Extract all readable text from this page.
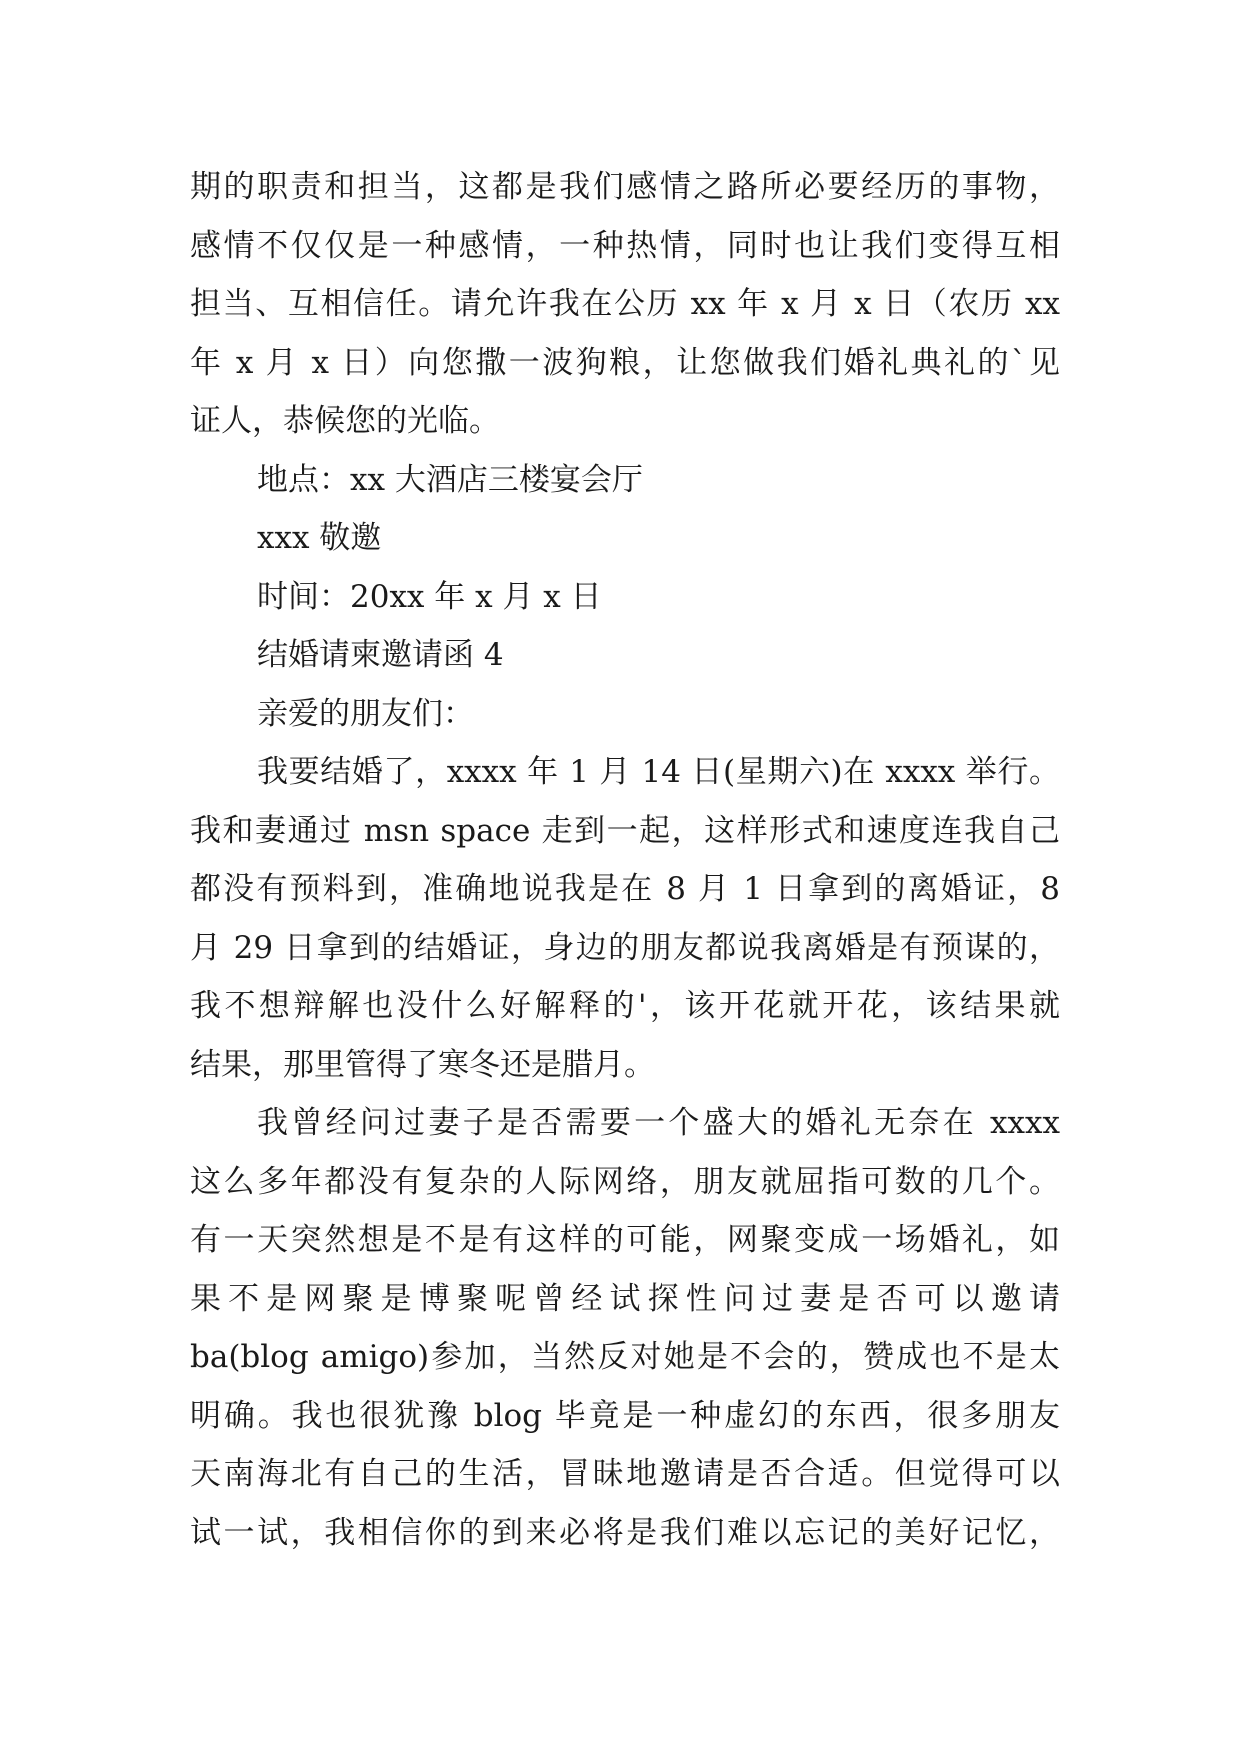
期的职责和担当，这都是我们感情之路所必要经历的事物，
感情不仅仅是一种感情，一种热情，同时也让我们变得互相
担当、互相信任。请允许我在公历 xx 年 x 月 x 日（农历 xx
年 x 月 x 日）向您撒一波狗粮，让您做我们婚礼典礼的`见
证人，恭候您的光临。
地点：xx 大酒店三楼宴会厅
xxx 敬邀
时间：20xx 年 x 月 x 日
结婚请柬邀请函 4
亲爱的朋友们：
我要结婚了，xxxx 年 1 月 14 日(星期六)在 xxxx 举行。
我和妻通过 msn space 走到一起，这样形式和速度连我自己
都没有预料到，准确地说我是在 8 月 1 日拿到的离婚证，8
月 29 日拿到的结婚证，身边的朋友都说我离婚是有预谋的，
我不想辩解也没什么好解释的'，该开花就开花，该结果就
结果，那里管得了寒冬还是腊月。
我曾经问过妻子是否需要一个盛大的婚礼无奈在 xxxx
这么多年都没有复杂的人际网络，朋友就屈指可数的几个。
有一天突然想是不是有这样的可能，网聚变成一场婚礼，如
果不是网聚是博聚呢曾经试探性问过妻是否可以邀请
ba(blog amigo)参加，当然反对她是不会的，赞成也不是太
明确。我也很犹豫 blog 毕竟是一种虚幻的东西，很多朋友
天南海北有自己的生活，冒昧地邀请是否合适。但觉得可以
试一试，我相信你的到来必将是我们难以忘记的美好记忆，
